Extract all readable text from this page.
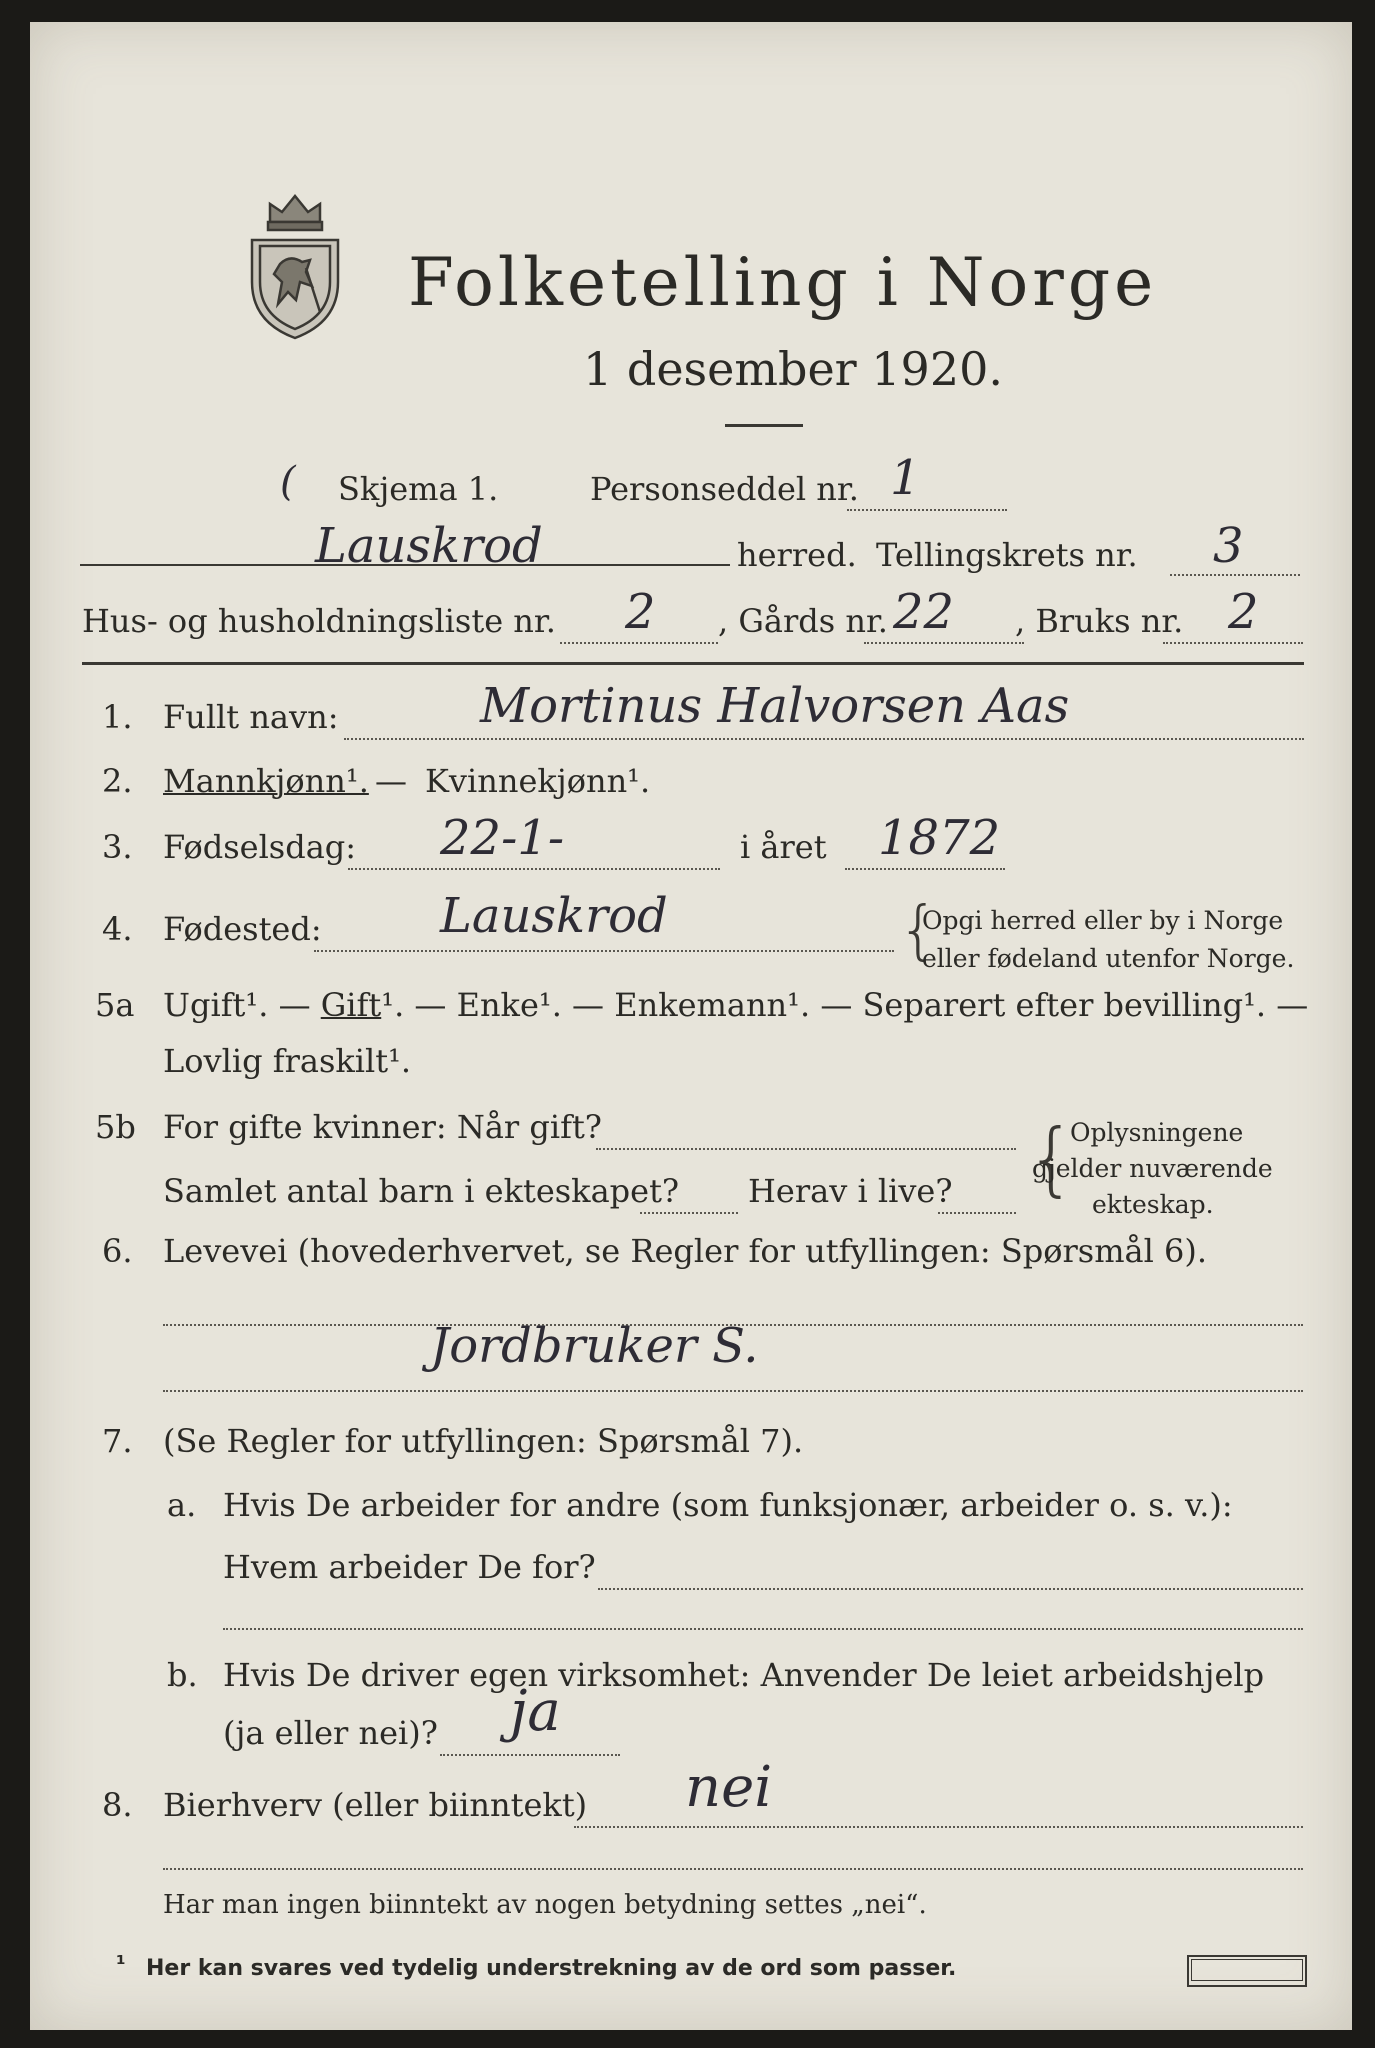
Folketelling i Norge
1 desember 1920.
( Skjema 1.	Personseddel nr. 1
Lauskrod	herred. Tellingskrets nr. 3
Hus- og husholdningsliste nr. 2 , Gårds nr. 22 , Bruks nr. 2
1. Fullt navn:	Mortinus Halvorsen Aas
2. Mannkjønn¹. — Kvinnekjønn¹.
3. Fødselsdag: 22-1-	i året 1872
4. Fødested: Lauskrod	{
Opgi herred eller by i Norge
eller fødeland utenfor Norge.
5a Ugift¹. — Gift¹. — Enke¹. — Enkemann¹. — Separert efter bevilling¹. —
Lovlig fraskilt¹.
5b For gifte kvinner: Når gift?
Samlet antal barn i ekteskapet? Herav i live? {
Oplysningene
gjelder nuværende
ekteskap.
6. Levevei (hovederhvervet, se Regler for utfyllingen: Spørsmål 6).
Jordbruker S.
7. (Se Regler for utfyllingen: Spørsmål 7).
a. Hvis De arbeider for andre (som funksjonær, arbeider o. s. v.):
Hvem arbeider De for?
b. Hvis De driver egen virksomhet: Anvender De leiet arbeidshjelp
(ja eller nei)? ja
8. Bierhverv (eller biinntekt) nei
Har man ingen biinntekt av nogen betydning settes „nei“.
¹ Her kan svares ved tydelig understrekning av de ord som passer.
